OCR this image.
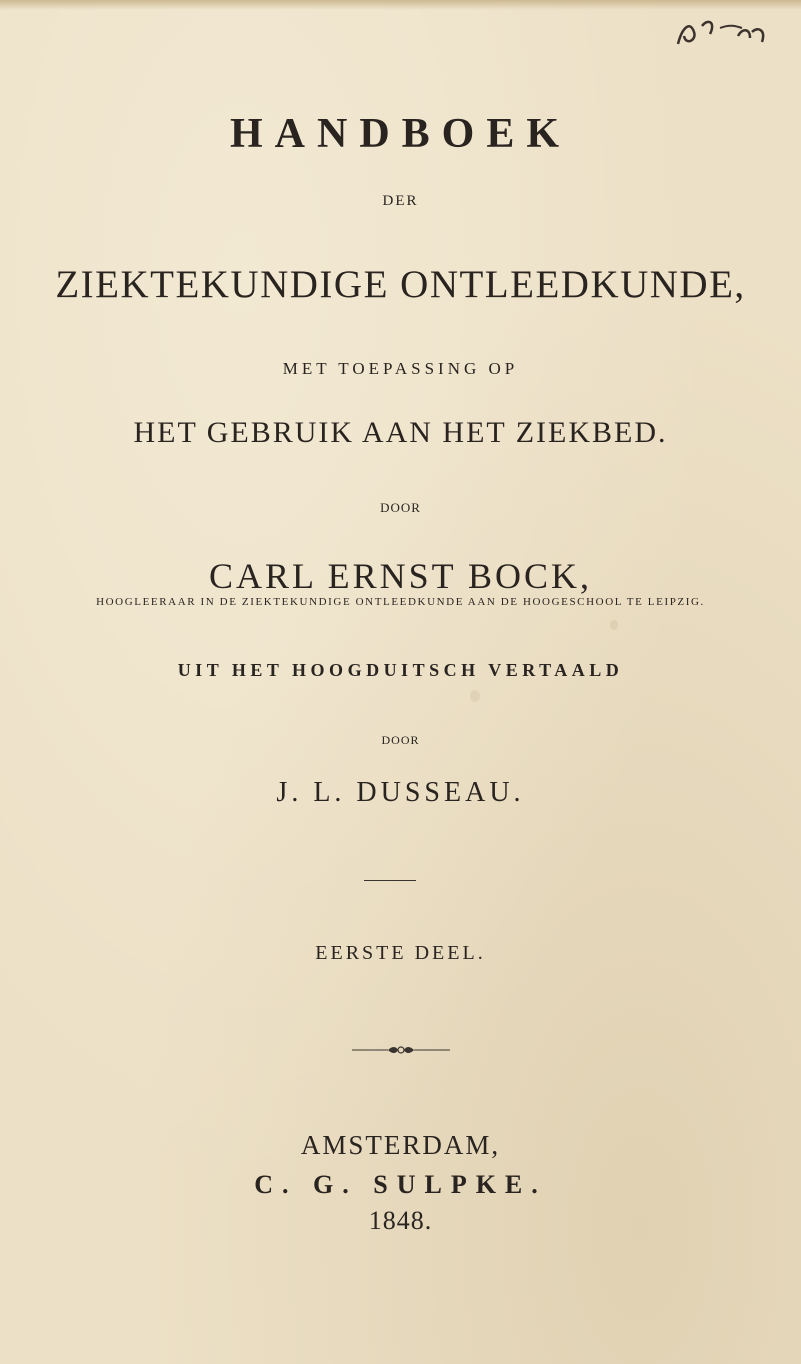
HANDBOEK
DER
ZIEKTEKUNDIGE ONTLEEDKUNDE,
MET TOEPASSING OP
HET GEBRUIK AAN HET ZIEKBED.
DOOR
CARL ERNST BOCK,
HOOGLEERAAR IN DE ZIEKTEKUNDIGE ONTLEEDKUNDE AAN DE HOOGESCHOOL TE LEIPZIG.
UIT HET HOOGDUITSCH VERTAALD
DOOR
J. L. DUSSEAU.
EERSTE DEEL.
AMSTERDAM,
C. G. SULPKE.
1848.
